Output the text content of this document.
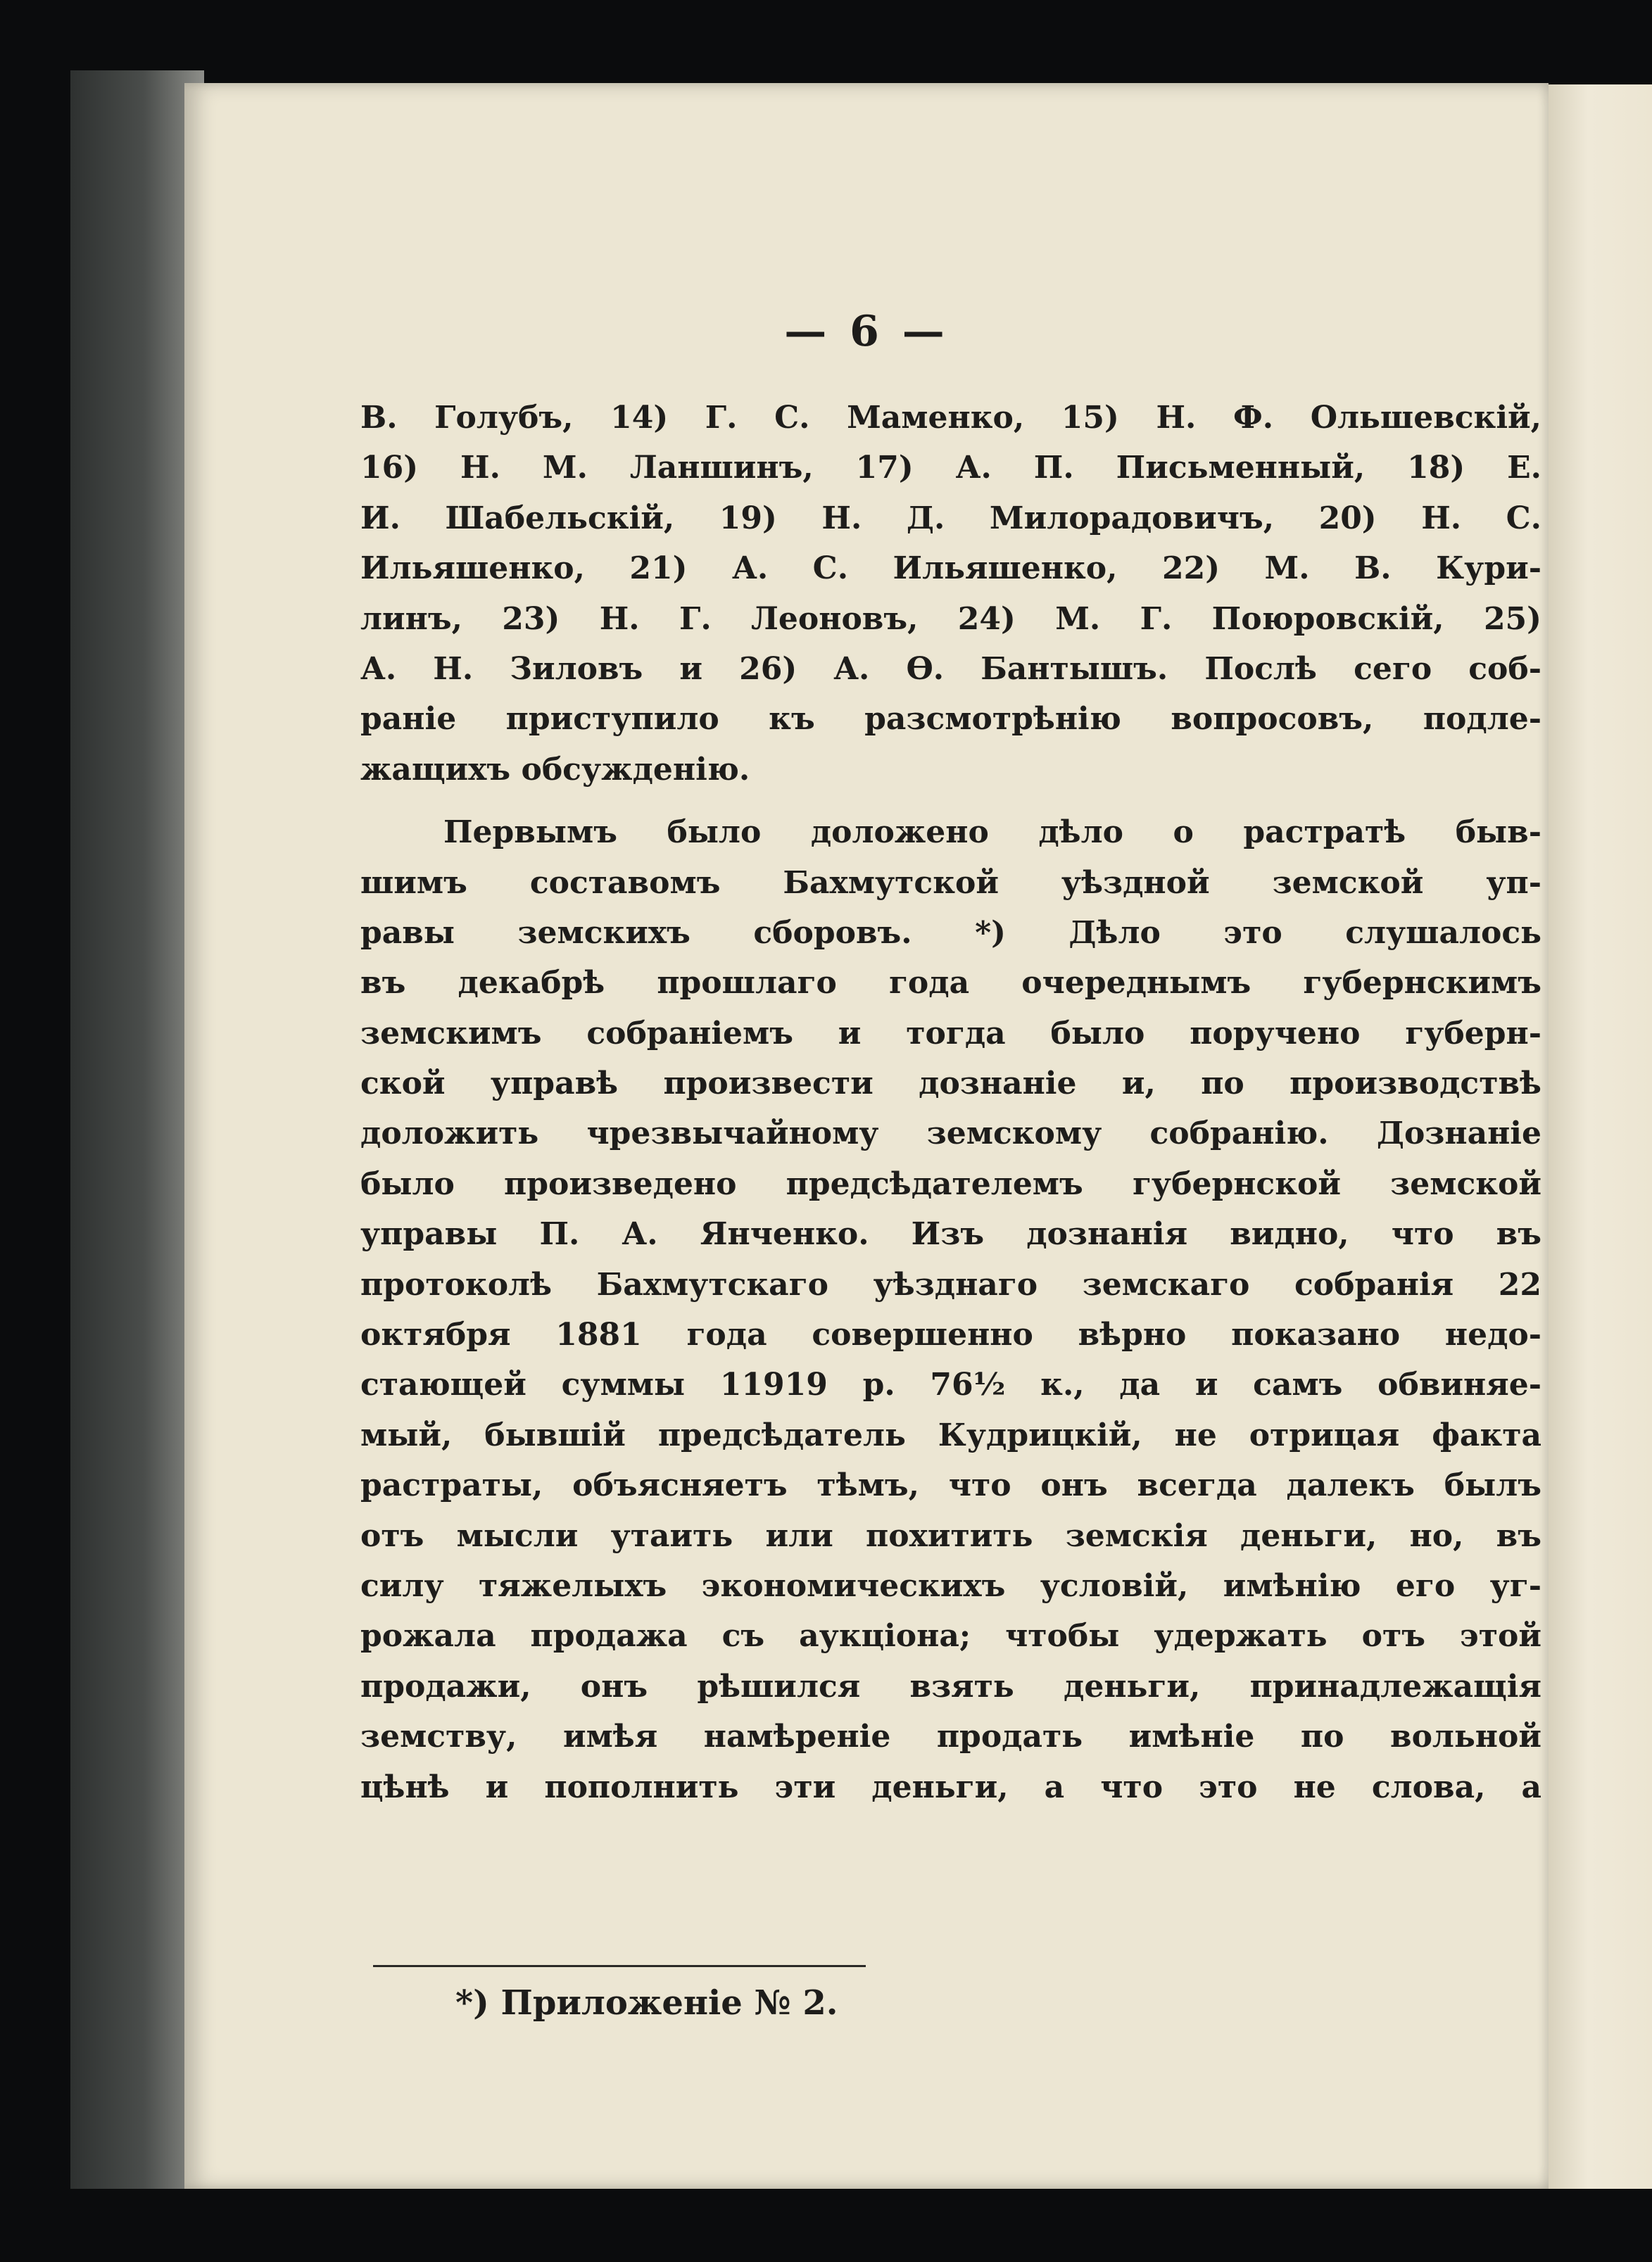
— 6 —
В. Голубъ, 14) Г. С. Маменко, 15) Н. Ф. Ольшевскій,
16) Н. М. Ланшинъ, 17) А. П. Письменный, 18) Е.
И. Шабельскій, 19) Н. Д. Милорадовичъ, 20) Н. С.
Ильяшенко, 21) А. С. Ильяшенко, 22) М. В. Кури-
линъ, 23) Н. Г. Леоновъ, 24) М. Г. Поюровскій, 25)
А. Н. Зиловъ и 26) А. Ѳ. Бантышъ. Послѣ сего соб-
раніе приступило къ разсмотрѣнію вопросовъ, подле-
жащихъ обсужденію.
Первымъ было доложено дѣло о растратѣ быв-
шимъ составомъ Бахмутской уѣздной земской уп-
равы земскихъ сборовъ. *) Дѣло это слушалось
въ декабрѣ прошлаго года очереднымъ губернскимъ
земскимъ собраніемъ и тогда было поручено губерн-
ской управѣ произвести дознаніе и, по производствѣ
доложить чрезвычайному земскому собранію. Дознаніе
было произведено предсѣдателемъ губернской земской
управы П. А. Янченко. Изъ дознанія видно, что въ
протоколѣ Бахмутскаго уѣзднаго земскаго собранія 22
октября 1881 года совершенно вѣрно показано недо-
стающей суммы 11919 р. 76½ к., да и самъ обвиняе-
мый, бывшій предсѣдатель Кудрицкій, не отрицая факта
растраты, объясняетъ тѣмъ, что онъ всегда далекъ былъ
отъ мысли утаить или похитить земскія деньги, но, въ
силу тяжелыхъ экономическихъ условій, имѣнію его уг-
рожала продажа съ аукціона; чтобы удержать отъ этой
продажи, онъ рѣшился взять деньги, принадлежащія
земству, имѣя намѣреніе продать имѣніе по вольной
цѣнѣ и пополнить эти деньги, а что это не слова, а
*) Приложеніе № 2.
